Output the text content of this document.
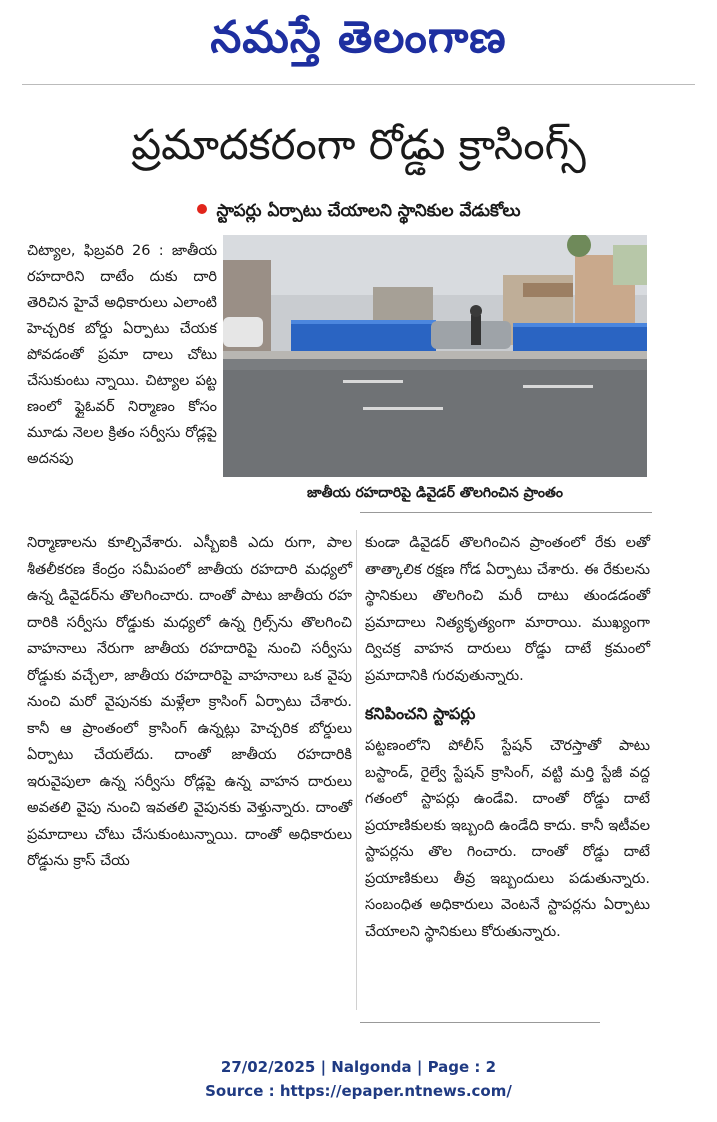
నమస్తే తెలంగాణ
ప్రమాదకరంగా రోడ్డు క్రాసింగ్స్
స్టాపర్లు ఏర్పాటు చేయాలని స్థానికుల వేడుకోలు

చిట్యాల, ఫిబ్రవరి 26 : జాతీయ రహదారిని దాటేం దుకు దారి తెరిచిన హైవే అధికారులు ఎలాంటి హెచ్చరిక బోర్డు ఏర్పాటు చేయక పోవడంతో ప్రమా దాలు చోటు చేసుకుంటు న్నాయి. చిట్యాల పట్ట ణంలో ఫ్లైఓవర్ నిర్మాణం కోసం మూడు నెలల క్రితం సర్వీసు రోడ్లపై అదనపు

జాతీయ రహదారిపై డివైడర్ తొలగించిన ప్రాంతం

నిర్మాణాలను కూల్చివేశారు. ఎస్బీఐకి ఎదు రుగా, పాల శీతలీకరణ కేంద్రం సమీపంలో జాతీయ రహదారి మధ్యలో ఉన్న డివైడర్‌ను తొలగించారు. దాంతో పాటు జాతీయ రహ దారికి సర్వీసు రోడ్డుకు మధ్యలో ఉన్న గ్రిల్స్‌ను తొలగించి వాహనాలు నేరుగా జాతీయ రహదారిపై నుంచి సర్వీసు రోడ్డుకు వచ్చేలా, జాతీయ రహదారిపై వాహనాలు ఒక వైపు నుంచి మరో వైపునకు మళ్లేలా క్రాసింగ్ ఏర్పాటు చేశారు. కానీ ఆ ప్రాంతంలో క్రాసింగ్ ఉన్నట్లు హెచ్చరిక బోర్డులు ఏర్పాటు చేయలేదు. దాంతో జాతీయ రహదారికి ఇరువైపులా ఉన్న సర్వీసు రోడ్లపై ఉన్న వాహన దారులు అవతలి వైపు నుంచి ఇవతలి వైపునకు వెళ్తున్నారు. దాంతో ప్రమాదాలు చోటు చేసుకుంటున్నాయి. దాంతో అధికారులు రోడ్డును క్రాస్ చేయ

కుండా డివైడర్ తొలగించిన ప్రాంతంలో రేకు లతో తాత్కాలిక రక్షణ గోడ ఏర్పాటు చేశారు. ఈ రేకులను స్థానికులు తొలగించి మరీ దాటు తుండడంతో ప్రమాదాలు నిత్యకృత్యంగా మారాయి. ముఖ్యంగా ద్విచక్ర వాహన దారులు రోడ్డు దాటే క్రమంలో ప్రమాదానికి గురవుతున్నారు.

కనిపించని స్టాపర్లు

పట్టణంలోని పోలీస్ స్టేషన్ చౌరస్తాతో పాటు బస్టాండ్, రైల్వే స్టేషన్ క్రాసింగ్, వట్టి మర్తి స్టేజీ వద్ద గతంలో స్టాపర్లు ఉండేవి. దాంతో రోడ్డు దాటే ప్రయాణికులకు ఇబ్బంది ఉండేది కాదు. కానీ ఇటీవల స్టాపర్లను తొల గించారు. దాంతో రోడ్డు దాటే ప్రయాణికులు తీవ్ర ఇబ్బందులు పడుతున్నారు. సంబంధిత అధికారులు వెంటనే స్టాపర్లను ఏర్పాటు చేయాలని స్థానికులు కోరుతున్నారు.

27/02/2025 | Nalgonda | Page : 2
Source : https://epaper.ntnews.com/
